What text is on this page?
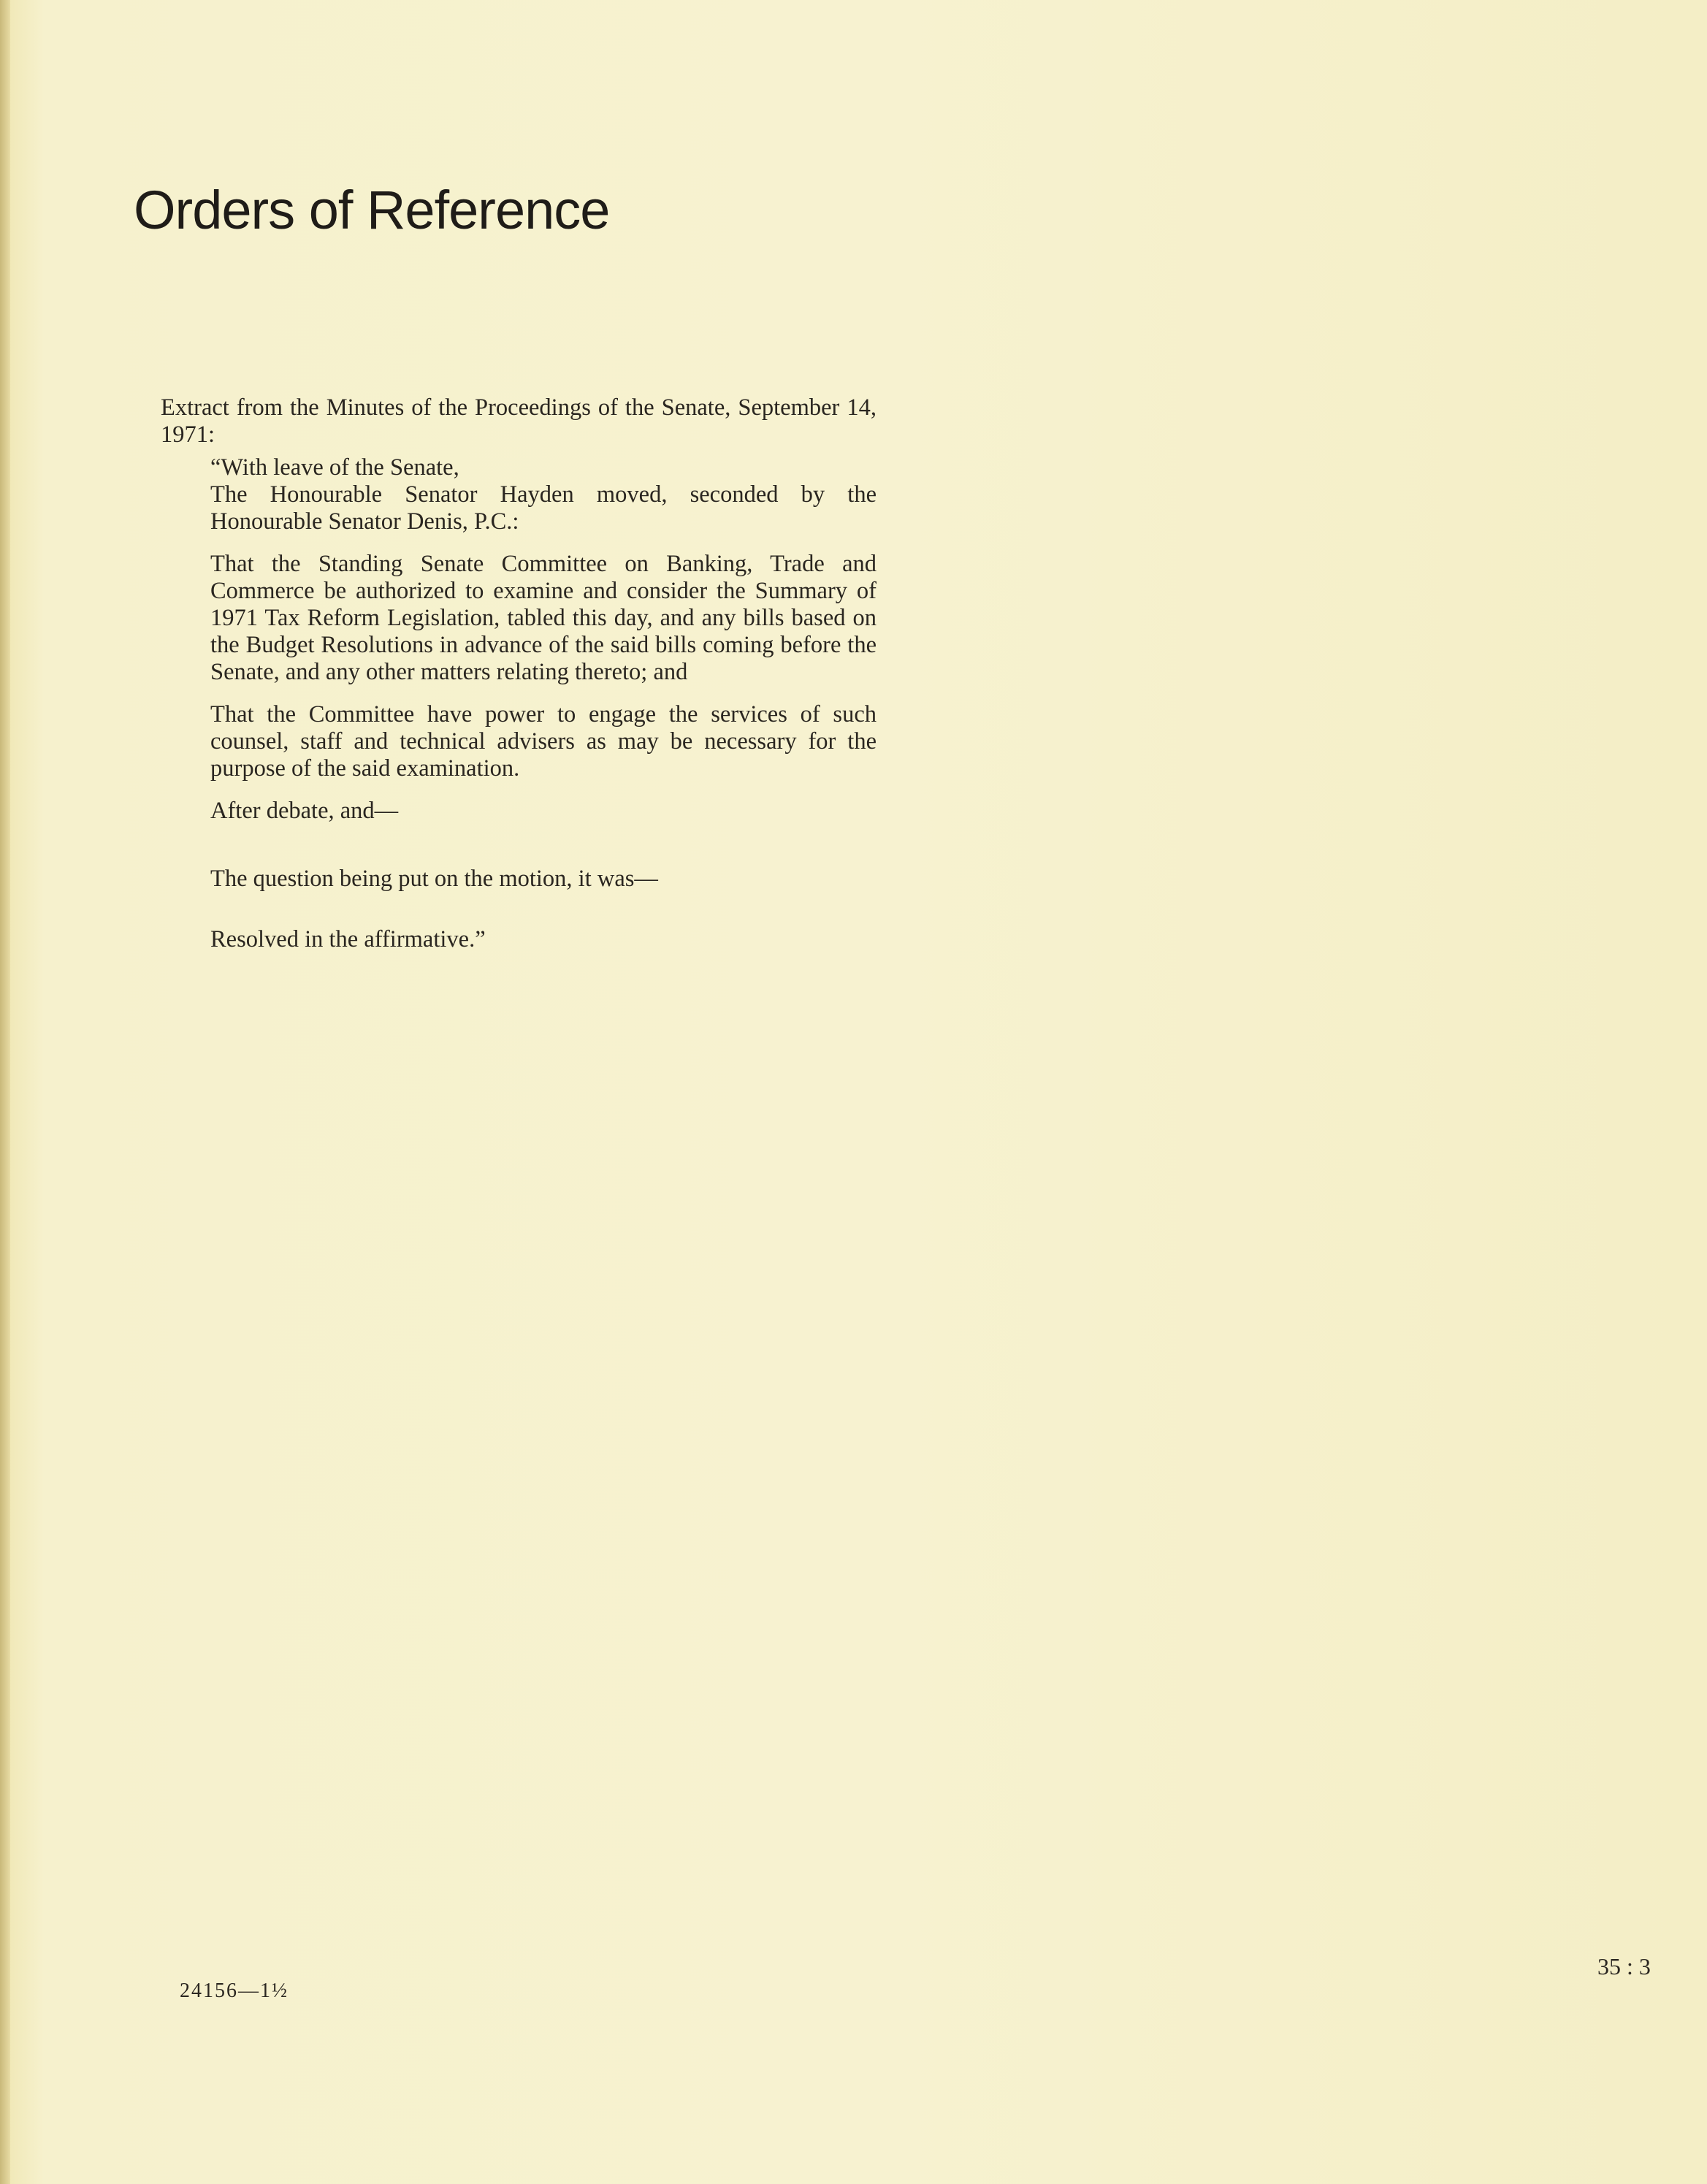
Orders of Reference

Extract from the Minutes of the Proceedings of the Senate, September 14, 1971:

“With leave of the Senate,

The Honourable Senator Hayden moved, seconded by the Honourable Senator Denis, P.C.:

That the Standing Senate Committee on Banking, Trade and Commerce be authorized to examine and consider the Summary of 1971 Tax Reform Legislation, tabled this day, and any bills based on the Budget Resolutions in advance of the said bills coming before the Senate, and any other matters relating thereto; and

That the Committee have power to engage the services of such counsel, staff and technical advisers as may be necessary for the purpose of the said examination.

After debate, and—

The question being put on the motion, it was—

Resolved in the affirmative.”

24156—1½
35 : 3
